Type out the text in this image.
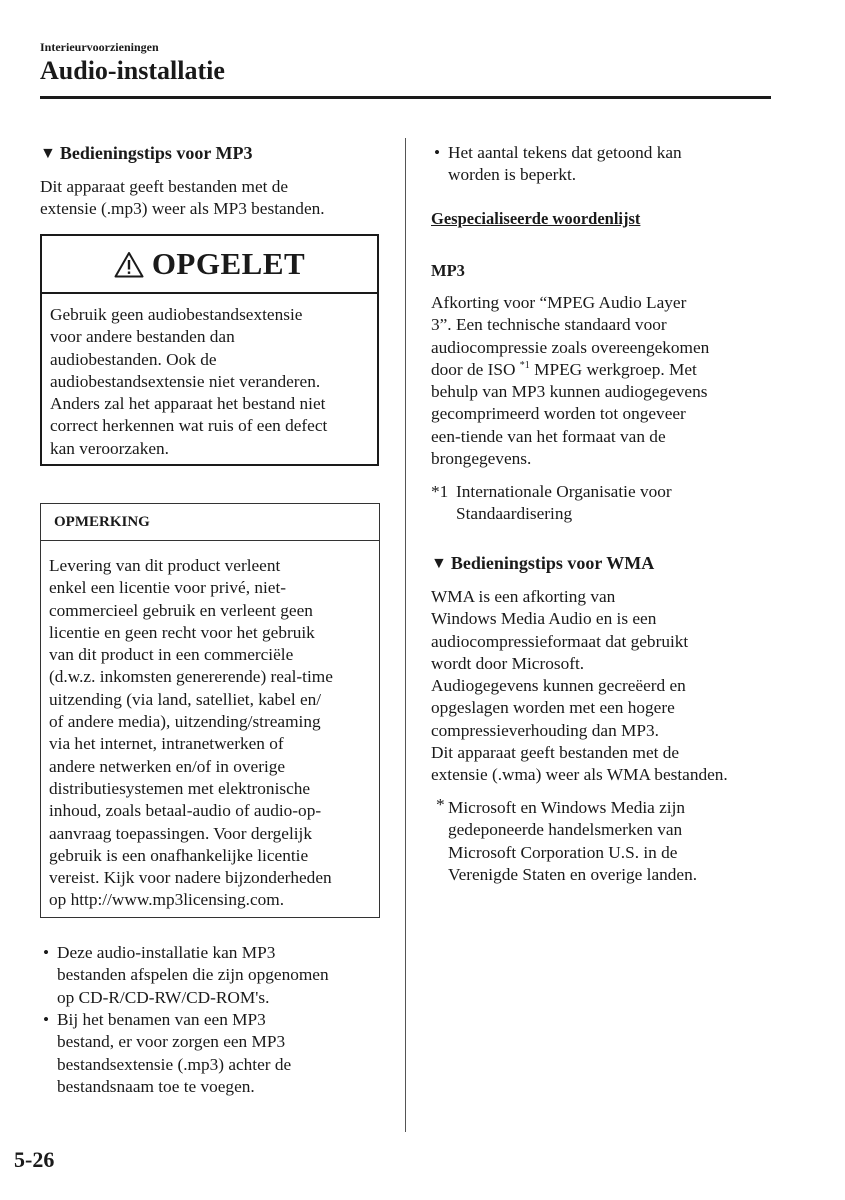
Interieurvoorzieningen
Audio-installatie
▼ Bedieningstips voor MP3
Dit apparaat geeft bestanden met de
extensie (.mp3) weer als MP3 bestanden.
OPGELET
Gebruik geen audiobestandsextensie
voor andere bestanden dan
audiobestanden. Ook de
audiobestandsextensie niet veranderen.
Anders zal het apparaat het bestand niet
correct herkennen wat ruis of een defect
kan veroorzaken.
OPMERKING
Levering van dit product verleent
enkel een licentie voor privé, niet-
commercieel gebruik en verleent geen
licentie en geen recht voor het gebruik
van dit product in een commerciële
(d.w.z. inkomsten genererende) real-time
uitzending (via land, satelliet, kabel en/
of andere media), uitzending/streaming
via het internet, intranetwerken of
andere netwerken en/of in overige
distributiesystemen met elektronische
inhoud, zoals betaal-audio of audio-op-
aanvraag toepassingen. Voor dergelijk
gebruik is een onafhankelijke licentie
vereist. Kijk voor nadere bijzonderheden
op http://www.mp3licensing.com.
• Deze audio-installatie kan MP3
bestanden afspelen die zijn opgenomen
op CD-R/CD-RW/CD-ROM's.
• Bij het benamen van een MP3
bestand, er voor zorgen een MP3
bestandsextensie (.mp3) achter de
bestandsnaam toe te voegen.
• Het aantal tekens dat getoond kan
worden is beperkt.
Gespecialiseerde woordenlijst
MP3
Afkorting voor “MPEG Audio Layer
3”. Een technische standaard voor
audiocompressie zoals overeengekomen
door de ISO $^{*1}$ MPEG werkgroep. Met
behulp van MP3 kunnen audiogegevens
gecomprimeerd worden tot ongeveer
een-tiende van het formaat van de
brongegevens.
*1 Internationale Organisatie voor
Standaardisering
▼ Bedieningstips voor WMA
WMA is een afkorting van
Windows Media Audio en is een
audiocompressieformaat dat gebruikt
wordt door Microsoft.
Audiogegevens kunnen gecreëerd en
opgeslagen worden met een hogere
compressieverhouding dan MP3.
Dit apparaat geeft bestanden met de
extensie (.wma) weer als WMA bestanden.
* Microsoft en Windows Media zijn
gedeponeerde handelsmerken van
Microsoft Corporation U.S. in de
Verenigde Staten en overige landen.
5-26
